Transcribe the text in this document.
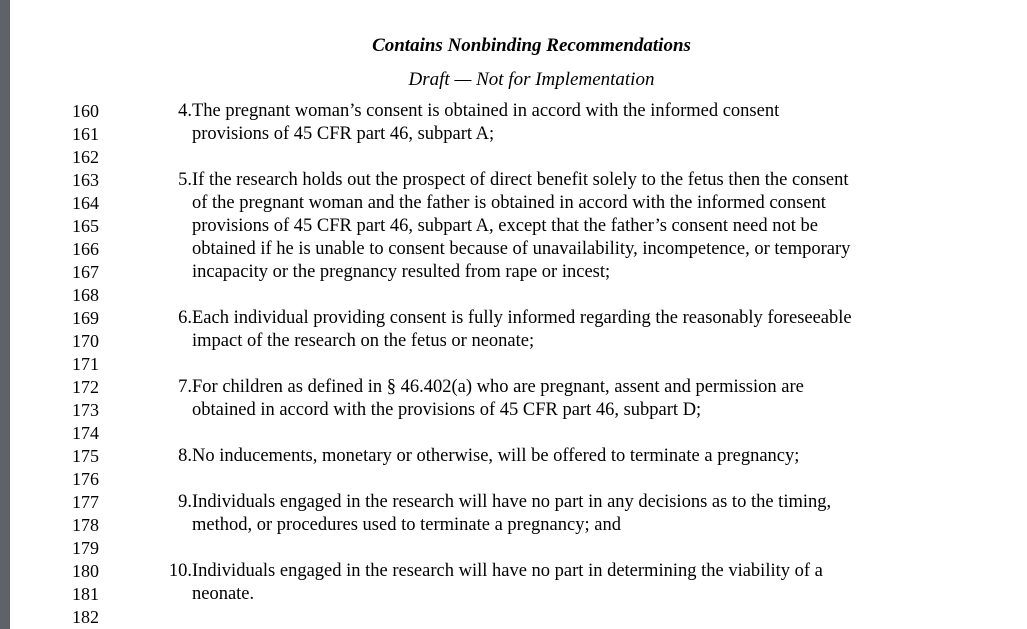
Contains Nonbinding Recommendations
Draft — Not for Implementation
160
161
162
163
164
165
166
167
168
169
170
171
172
173
174
175
176
177
178
179
180
181
182
4. The pregnant woman’s consent is obtained in accord with the informed consent
provisions of 45 CFR part 46, subpart A;
5. If the research holds out the prospect of direct benefit solely to the fetus then the consent
of the pregnant woman and the father is obtained in accord with the informed consent
provisions of 45 CFR part 46, subpart A, except that the father’s consent need not be
obtained if he is unable to consent because of unavailability, incompetence, or temporary
incapacity or the pregnancy resulted from rape or incest;
6. Each individual providing consent is fully informed regarding the reasonably foreseeable
impact of the research on the fetus or neonate;
7. For children as defined in § 46.402(a) who are pregnant, assent and permission are
obtained in accord with the provisions of 45 CFR part 46, subpart D;
8. No inducements, monetary or otherwise, will be offered to terminate a pregnancy;
9. Individuals engaged in the research will have no part in any decisions as to the timing,
method, or procedures used to terminate a pregnancy; and
10. Individuals engaged in the research will have no part in determining the viability of a
neonate.
